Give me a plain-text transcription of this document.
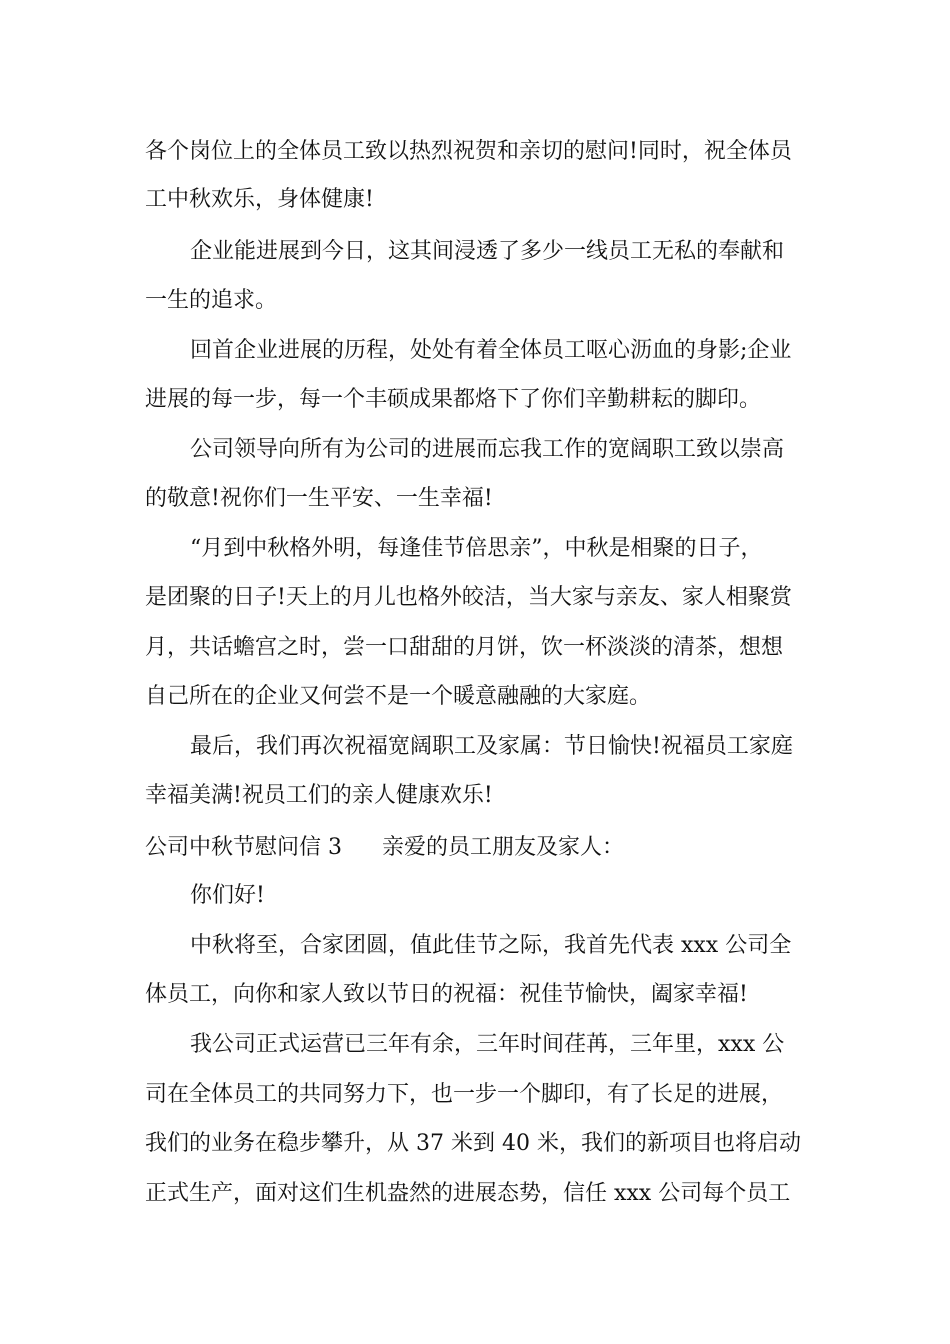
各个岗位上的全体员工致以热烈祝贺和亲切的慰问!同时，祝全体员
工中秋欢乐，身体健康!
企业能进展到今日，这其间浸透了多少一线员工无私的奉献和
一生的追求。
回首企业进展的历程，处处有着全体员工呕心沥血的身影;企业
进展的每一步，每一个丰硕成果都烙下了你们辛勤耕耘的脚印。
公司领导向所有为公司的进展而忘我工作的宽阔职工致以崇高
的敬意!祝你们一生平安、一生幸福!
“月到中秋格外明，每逢佳节倍思亲”，中秋是相聚的日子，
是团聚的日子!天上的月儿也格外皎洁，当大家与亲友、家人相聚赏
月，共话蟾宫之时，尝一口甜甜的月饼，饮一杯淡淡的清茶，想想
自己所在的企业又何尝不是一个暖意融融的大家庭。
最后，我们再次祝福宽阔职工及家属：节日愉快!祝福员工家庭
幸福美满!祝员工们的亲人健康欢乐!
公司中秋节慰问信 3 亲爱的员工朋友及家人：
你们好!
中秋将至，合家团圆，值此佳节之际，我首先代表 xxx 公司全
体员工，向你和家人致以节日的祝福：祝佳节愉快，阖家幸福!
我公司正式运营已三年有余，三年时间荏苒，三年里，xxx 公
司在全体员工的共同努力下，也一步一个脚印，有了长足的进展，
我们的业务在稳步攀升，从 37 米到 40 米，我们的新项目也将启动
正式生产，面对这们生机盎然的进展态势，信任 xxx 公司每个员工
